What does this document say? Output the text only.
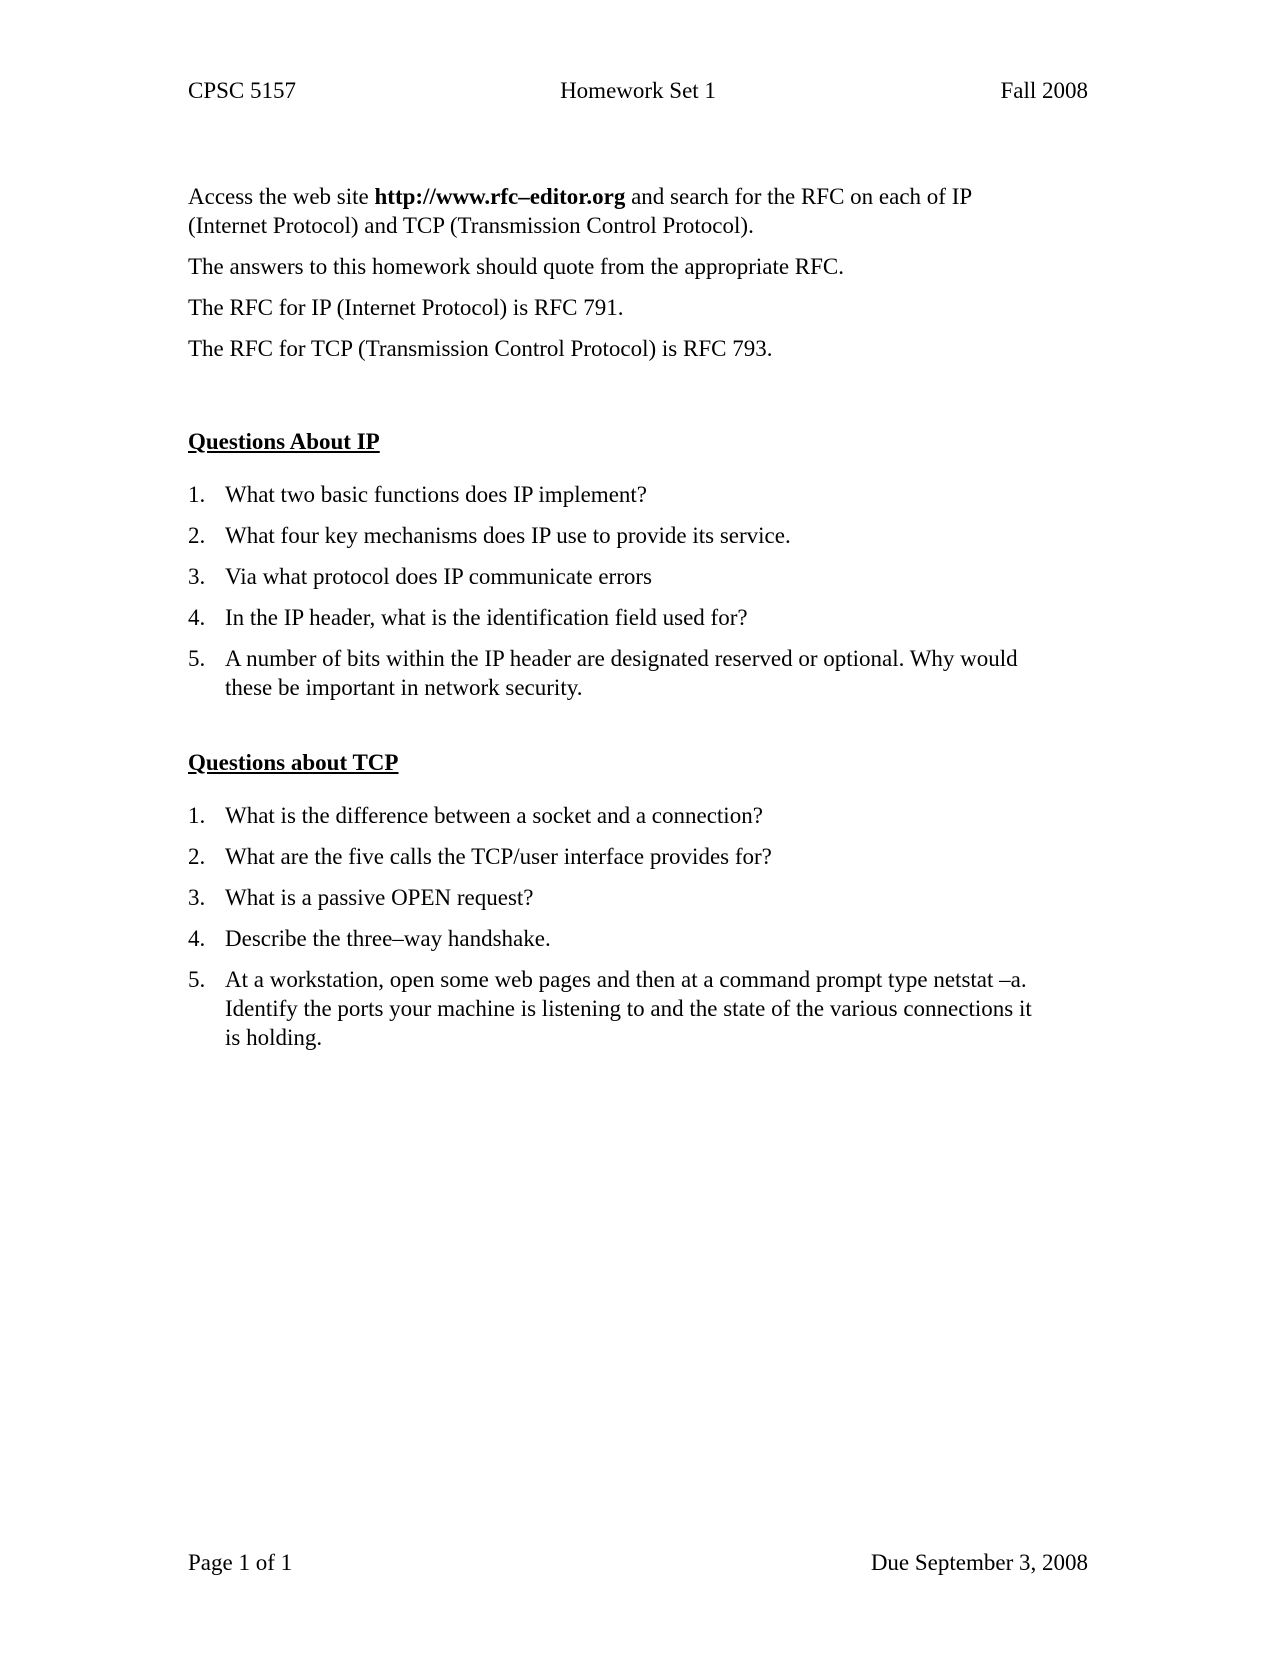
CPSC 5157	Homework Set 1	Fall 2008

Access the web site http://www.rfc–editor.org and search for the RFC on each of IP (Internet Protocol) and TCP (Transmission Control Protocol).

The answers to this homework should quote from the appropriate RFC.

The RFC for IP (Internet Protocol) is RFC 791.

The RFC for TCP (Transmission Control Protocol) is RFC 793.

Questions About IP

1. What two basic functions does IP implement?
2. What four key mechanisms does IP use to provide its service.
3. Via what protocol does IP communicate errors
4. In the IP header, what is the identification field used for?
5. A number of bits within the IP header are designated reserved or optional. Why would these be important in network security.

Questions about TCP

1. What is the difference between a socket and a connection?
2. What are the five calls the TCP/user interface provides for?
3. What is a passive OPEN request?
4. Describe the three–way handshake.
5. At a workstation, open some web pages and then at a command prompt type netstat –a. Identify the ports your machine is listening to and the state of the various connections it is holding.
Page 1 of 1	Due September 3, 2008
